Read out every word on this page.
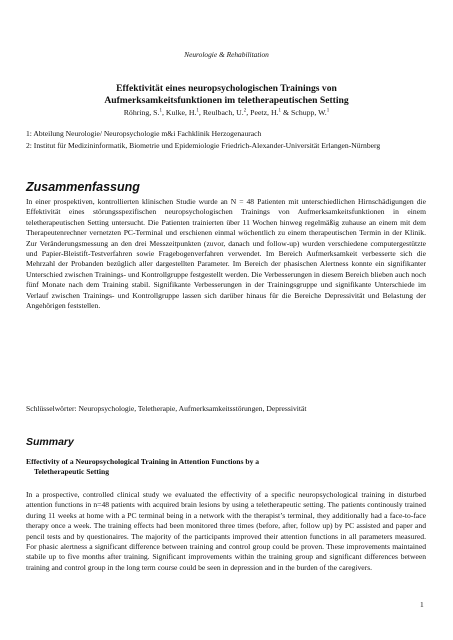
Neurologie & Rehabilitation
Effektivität eines neuropsychologischen Trainings von
Aufmerksamkeitsfunktionen im teletherapeutischen Setting
Röhring, S.$^1$, Kulke, H.$^1$, Reulbach, U.$^2$, Peetz, H.$^1$ & Schupp, W.$^1$
1: Abteilung Neurologie/ Neuropsychologie m&i Fachklinik Herzogenaurach
2: Institut für Medizininformatik, Biometrie und Epidemiologie Friedrich-Alexander-Universität Erlangen-Nürnberg
Zusammenfassung

In einer prospektiven, kontrollierten klinischen Studie wurde an N = 48 Patienten mit unterschiedlichen Hirnschädigungen die Effektivität eines störungsspezifischen neuropsychologischen Trainings von Aufmerksamkeitsfunktionen in einem teletherapeutischen Setting untersucht. Die Patienten trainierten über 11 Wochen hinweg regelmäßig zuhause an einem mit dem Therapeutenrechner vernetzten PC-Terminal und erschienen einmal wöchentlich zu einem therapeutischen Termin in der Klinik. Zur Veränderungsmessung an den drei Messzeitpunkten (zuvor, danach und follow-up) wurden verschiedene computergestützte und Papier-Bleistift-Testverfahren sowie Fragebogenverfahren verwendet. Im Bereich Aufmerksamkeit verbesserte sich die Mehrzahl der Probanden bezüglich aller dargestellten Parameter. Im Bereich der phasischen Alertness konnte ein signifikanter Unterschied zwischen Trainings- und Kontrollgruppe festgestellt werden. Die Verbesserungen in diesem Bereich blieben auch noch fünf Monate nach dem Training stabil. Signifikante Verbesserungen in der Trainingsgruppe und signifikante Unterschiede im Verlauf zwischen Trainings- und Kontrollgruppe lassen sich darüber hinaus für die Bereiche Depressivität und Belastung der Angehörigen feststellen.

Schlüsselwörter: Neuropsychologie, Teletherapie, Aufmerksamkeitsstörungen, Depressivität

Summary
Effectivity of a Neuropsychological Training in Attention Functions by a
Teletherapeutic Setting

In a prospective, controlled clinical study we evaluated the effectivity of a specific neuropsychological training in disturbed attention functions in n=48 patients with acquired brain lesions by using a teletherapeutic setting. The patients continously trained during 11 weeks at home with a PC terminal being in a network with the therapist’s terminal, they additionally had a face-to-face therapy once a week. The training effects had been monitored three times (before, after, follow up) by PC assisted and paper and pencil tests and by questionaires. The majority of the participants improved their attention functions in all parameters measured. For phasic alertness a significant difference between training and control group could be proven. These improvements maintained stabile up to five months after training. Significant improvements within the training group and significant differences between training and control group in the long term course could be seen in depression and in the burden of the caregivers.

1
